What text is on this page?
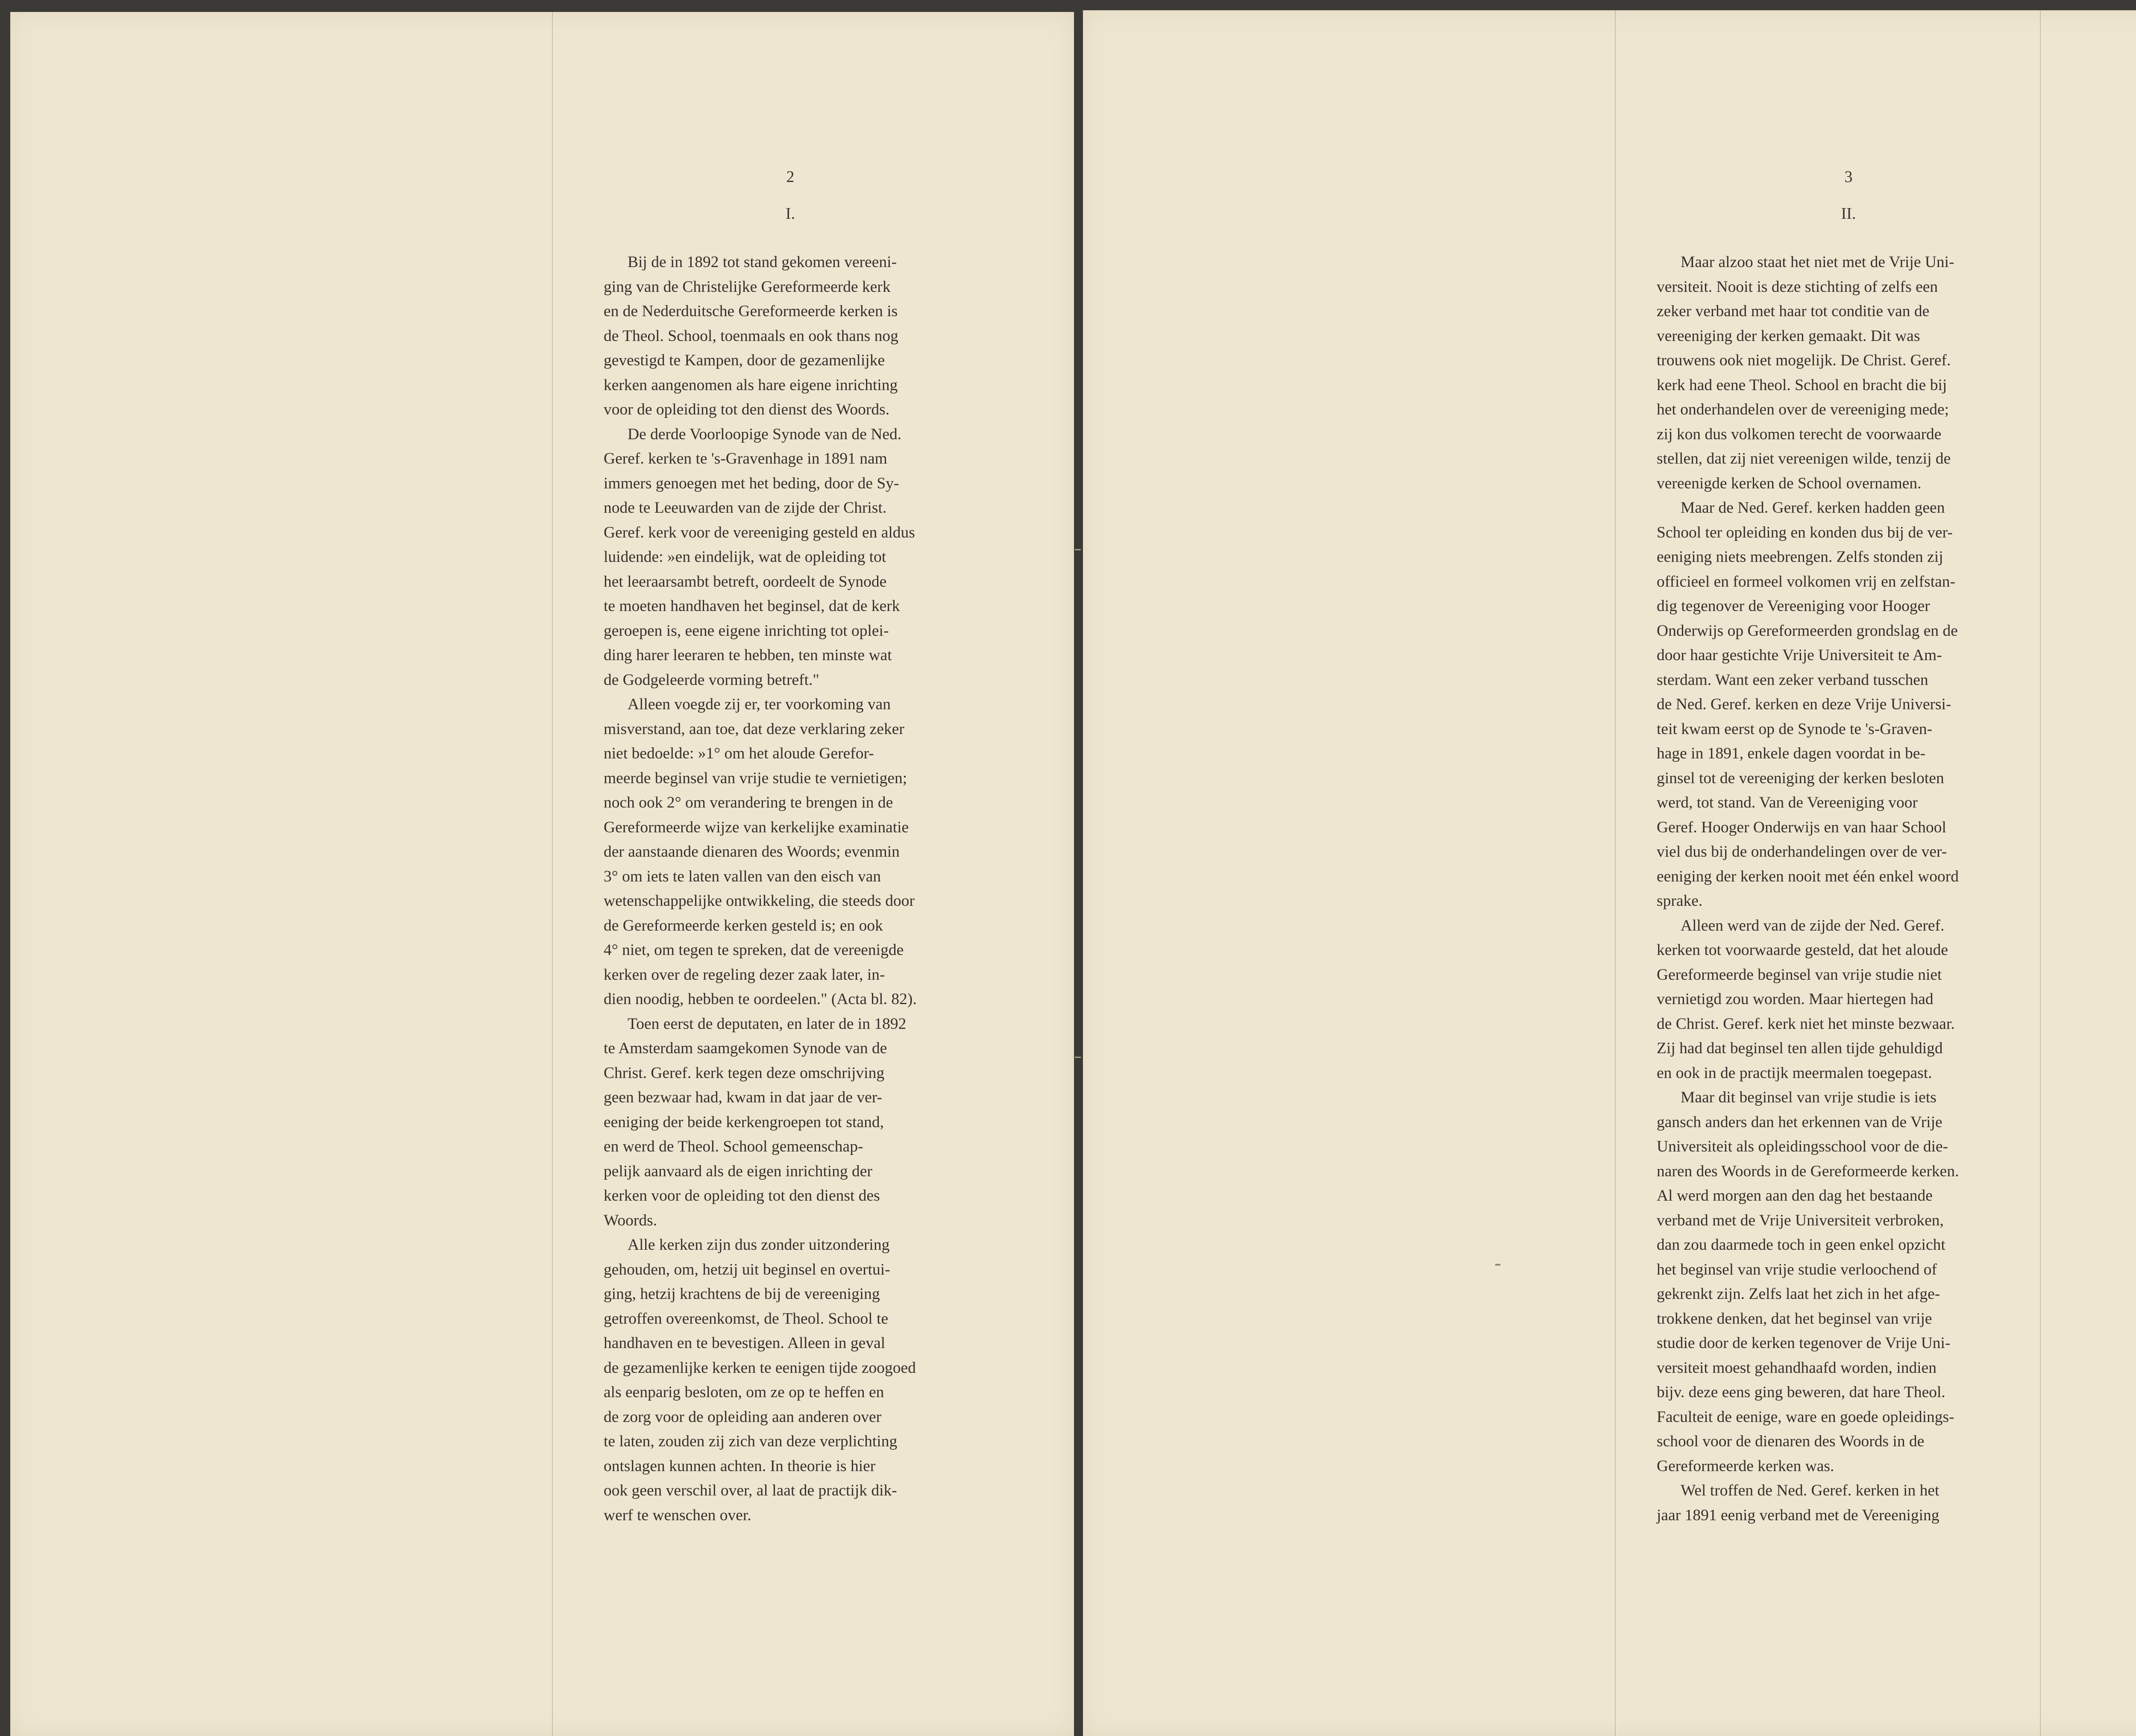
2
I.

Bij de in 1892 tot stand gekomen vereeni-
ging van de Christelijke Gereformeerde kerk
en de Nederduitsche Gereformeerde kerken is
de Theol. School, toenmaals en ook thans nog
gevestigd te Kampen, door de gezamenlijke
kerken aangenomen als hare eigene inrichting
voor de opleiding tot den dienst des Woords.

De derde Voorloopige Synode van de Ned.
Geref. kerken te 's-Gravenhage in 1891 nam
immers genoegen met het beding, door de Sy-
node te Leeuwarden van de zijde der Christ.
Geref. kerk voor de vereeniging gesteld en aldus
luidende: »en eindelijk, wat de opleiding tot
het leeraarsambt betreft, oordeelt de Synode
te moeten handhaven het beginsel, dat de kerk
geroepen is, eene eigene inrichting tot oplei-
ding harer leeraren te hebben, ten minste wat
de Godgeleerde vorming betreft."

Alleen voegde zij er, ter voorkoming van
misverstand, aan toe, dat deze verklaring zeker
niet bedoelde: »1° om het aloude Gerefor-
meerde beginsel van vrije studie te vernietigen;
noch ook 2° om verandering te brengen in de
Gereformeerde wijze van kerkelijke examinatie
der aanstaande dienaren des Woords; evenmin
3° om iets te laten vallen van den eisch van
wetenschappelijke ontwikkeling, die steeds door
de Gereformeerde kerken gesteld is; en ook
4° niet, om tegen te spreken, dat de vereenigde
kerken over de regeling dezer zaak later, in-
dien noodig, hebben te oordeelen." (Acta bl. 82).

Toen eerst de deputaten, en later de in 1892
te Amsterdam saamgekomen Synode van de
Christ. Geref. kerk tegen deze omschrijving
geen bezwaar had, kwam in dat jaar de ver-
eeniging der beide kerkengroepen tot stand,
en werd de Theol. School gemeenschap-
pelijk aanvaard als de eigen inrichting der
kerken voor de opleiding tot den dienst des
Woords.

Alle kerken zijn dus zonder uitzondering
gehouden, om, hetzij uit beginsel en overtui-
ging, hetzij krachtens de bij de vereeniging
getroffen overeenkomst, de Theol. School te
handhaven en te bevestigen. Alleen in geval
de gezamenlijke kerken te eenigen tijde zoogoed
als eenparig besloten, om ze op te heffen en
de zorg voor de opleiding aan anderen over
te laten, zouden zij zich van deze verplichting
ontslagen kunnen achten. In theorie is hier
ook geen verschil over, al laat de practijk dik-
werf te wenschen over.

3
II.

Maar alzoo staat het niet met de Vrije Uni-
versiteit. Nooit is deze stichting of zelfs een
zeker verband met haar tot conditie van de
vereeniging der kerken gemaakt. Dit was
trouwens ook niet mogelijk. De Christ. Geref.
kerk had eene Theol. School en bracht die bij
het onderhandelen over de vereeniging mede;
zij kon dus volkomen terecht de voorwaarde
stellen, dat zij niet vereenigen wilde, tenzij de
vereenigde kerken de School overnamen.

Maar de Ned. Geref. kerken hadden geen
School ter opleiding en konden dus bij de ver-
eeniging niets meebrengen. Zelfs stonden zij
officieel en formeel volkomen vrij en zelfstan-
dig tegenover de Vereeniging voor Hooger
Onderwijs op Gereformeerden grondslag en de
door haar gestichte Vrije Universiteit te Am-
sterdam. Want een zeker verband tusschen
de Ned. Geref. kerken en deze Vrije Universi-
teit kwam eerst op de Synode te 's-Graven-
hage in 1891, enkele dagen voordat in be-
ginsel tot de vereeniging der kerken besloten
werd, tot stand. Van de Vereeniging voor
Geref. Hooger Onderwijs en van haar School
viel dus bij de onderhandelingen over de ver-
eeniging der kerken nooit met één enkel woord
sprake.

Alleen werd van de zijde der Ned. Geref.
kerken tot voorwaarde gesteld, dat het aloude
Gereformeerde beginsel van vrije studie niet
vernietigd zou worden. Maar hiertegen had
de Christ. Geref. kerk niet het minste bezwaar.
Zij had dat beginsel ten allen tijde gehuldigd
en ook in de practijk meermalen toegepast.

Maar dit beginsel van vrije studie is iets
gansch anders dan het erkennen van de Vrije
Universiteit als opleidingsschool voor de die-
naren des Woords in de Gereformeerde kerken.
Al werd morgen aan den dag het bestaande
verband met de Vrije Universiteit verbroken,
dan zou daarmede toch in geen enkel opzicht
het beginsel van vrije studie verloochend of
gekrenkt zijn. Zelfs laat het zich in het afge-
trokkene denken, dat het beginsel van vrije
studie door de kerken tegenover de Vrije Uni-
versiteit moest gehandhaafd worden, indien
bijv. deze eens ging beweren, dat hare Theol.
Faculteit de eenige, ware en goede opleidings-
school voor de dienaren des Woords in de
Gereformeerde kerken was.

Wel troffen de Ned. Geref. kerken in het
jaar 1891 eenig verband met de Vereeniging
